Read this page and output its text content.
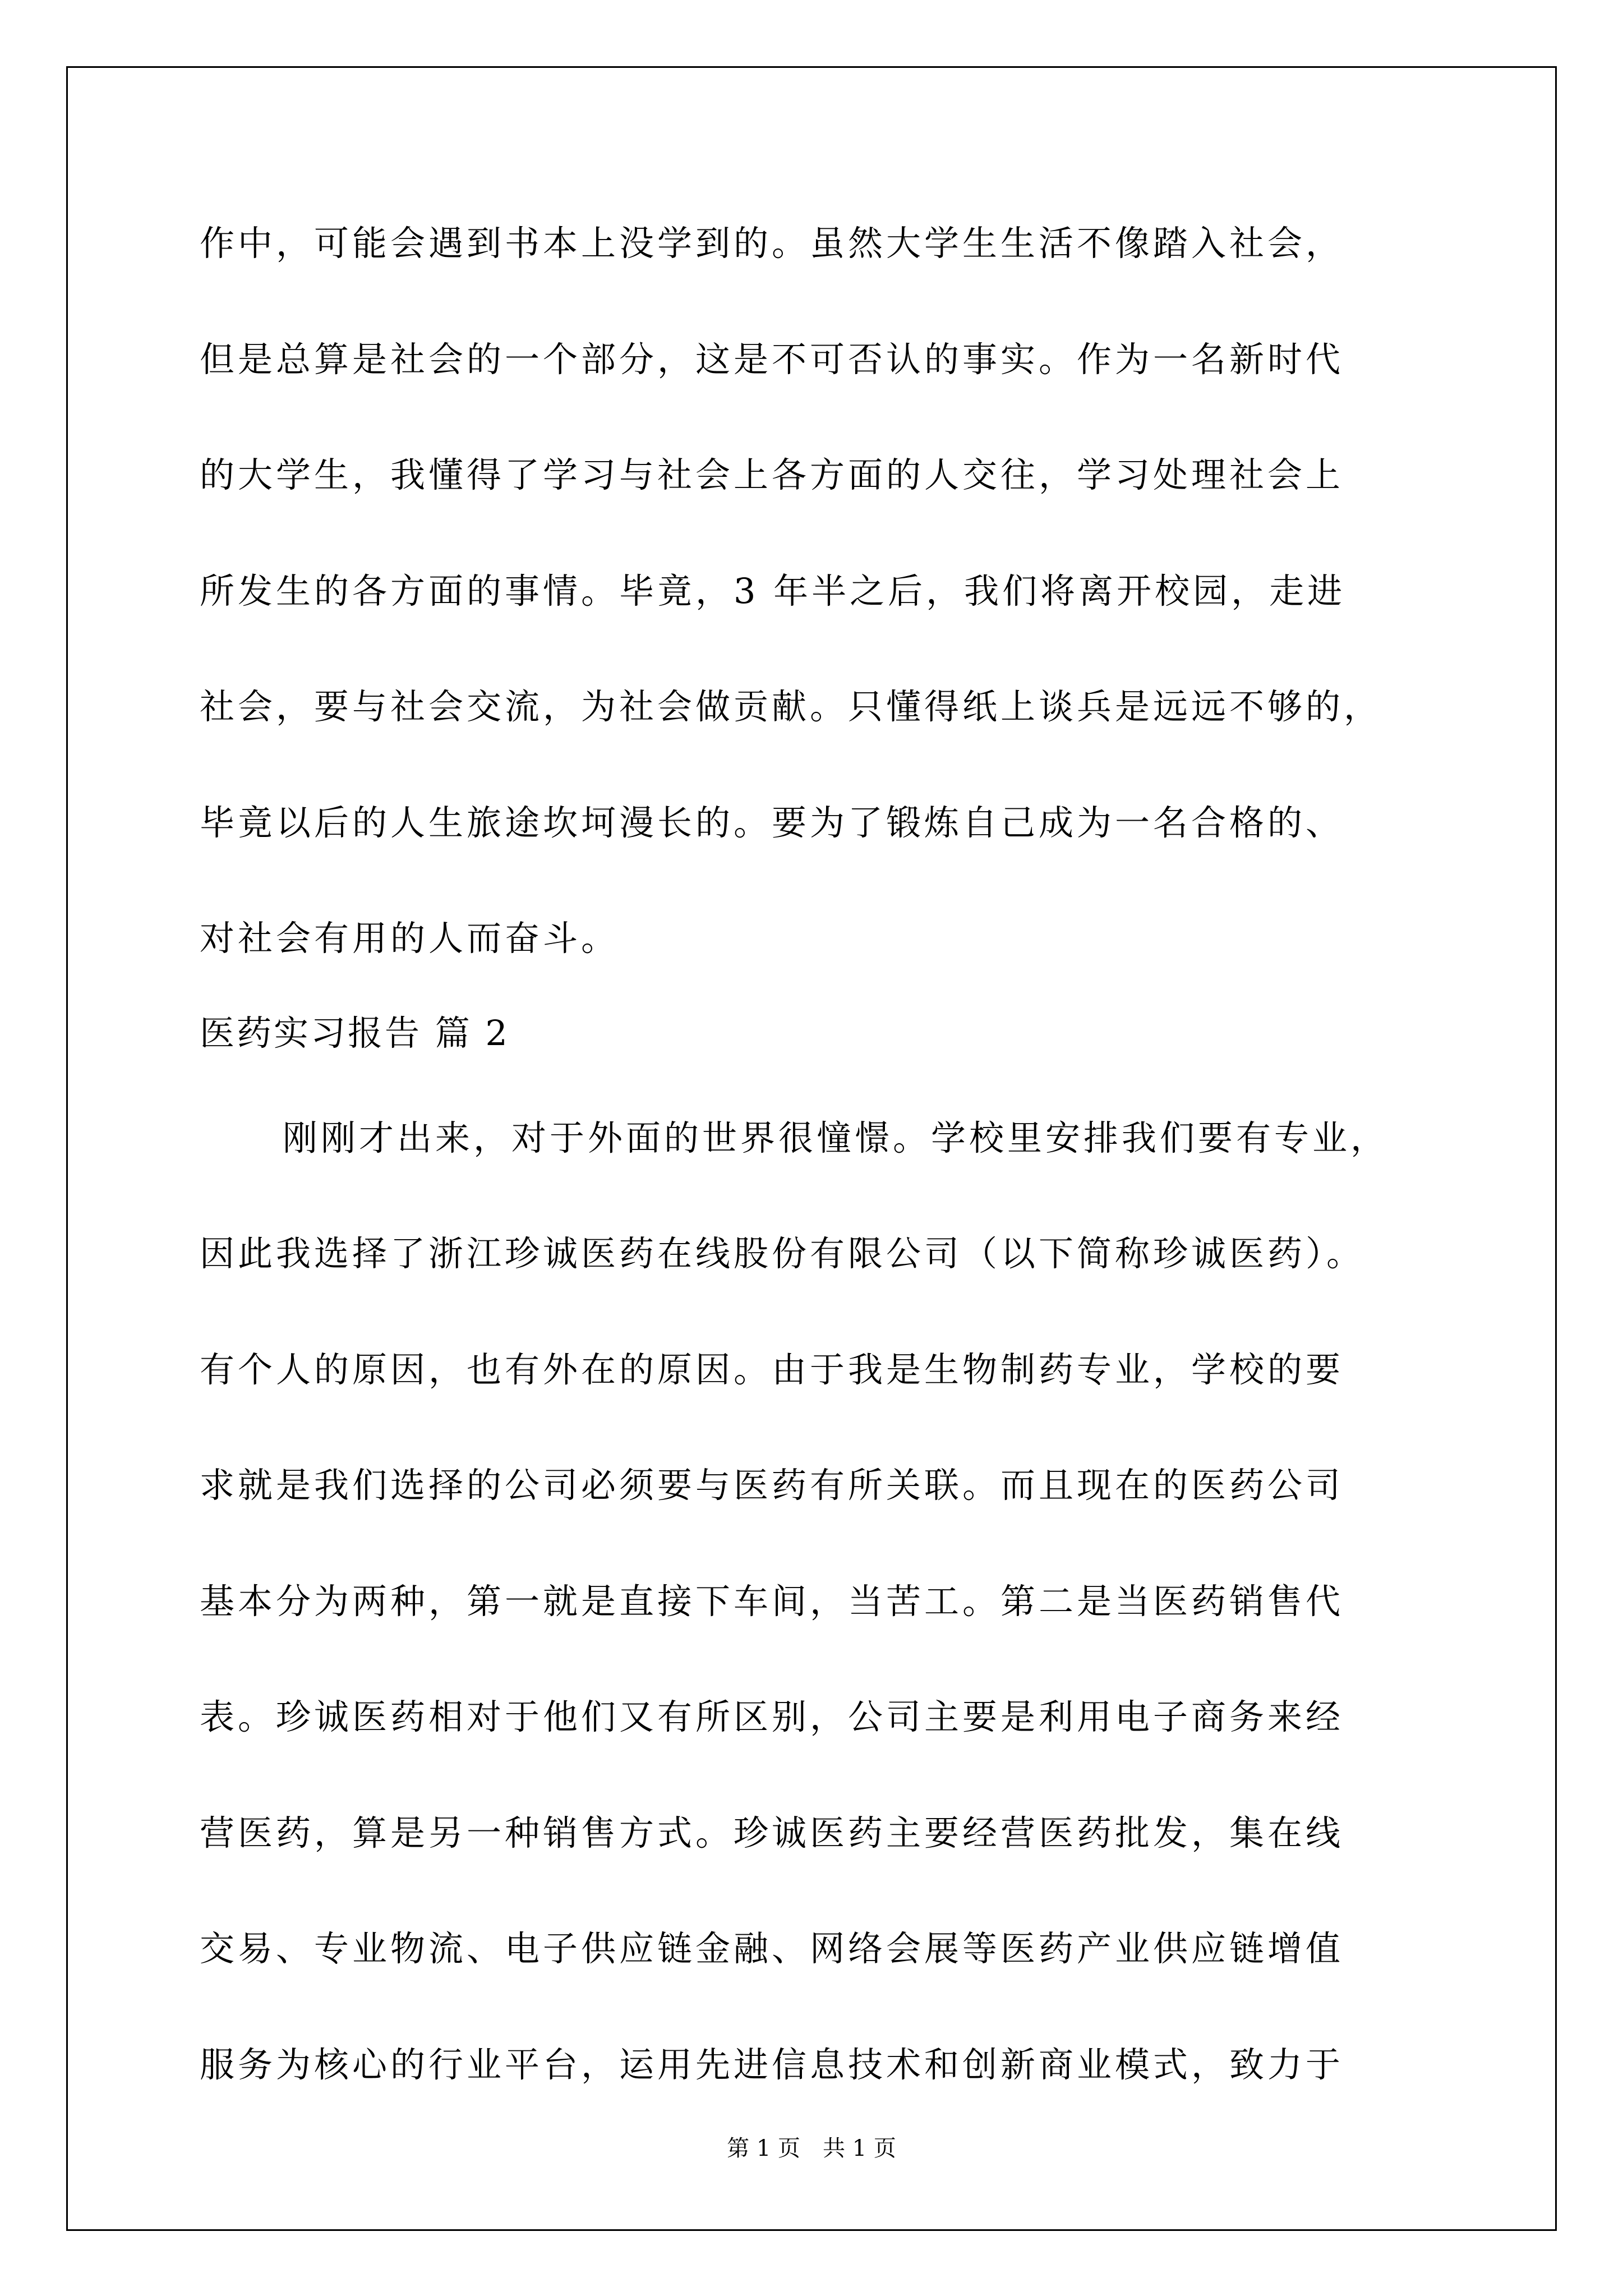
作中，可能会遇到书本上没学到的。虽然大学生生活不像踏入社会，
但是总算是社会的一个部分，这是不可否认的事实。作为一名新时代
的大学生，我懂得了学习与社会上各方面的人交往，学习处理社会上
所发生的各方面的事情。毕竟，3 年半之后，我们将离开校园，走进
社会，要与社会交流，为社会做贡献。只懂得纸上谈兵是远远不够的，
毕竟以后的人生旅途坎坷漫长的。要为了锻炼自己成为一名合格的、
对社会有用的人而奋斗。
医药实习报告 篇 2
刚刚才出来，对于外面的世界很憧憬。学校里安排我们要有专业，
因此我选择了浙江珍诚医药在线股份有限公司（以下简称珍诚医药）。
有个人的原因，也有外在的原因。由于我是生物制药专业，学校的要
求就是我们选择的公司必须要与医药有所关联。而且现在的医药公司
基本分为两种，第一就是直接下车间，当苦工。第二是当医药销售代
表。珍诚医药相对于他们又有所区别，公司主要是利用电子商务来经
营医药，算是另一种销售方式。珍诚医药主要经营医药批发，集在线
交易、专业物流、电子供应链金融、网络会展等医药产业供应链增值
服务为核心的行业平台，运用先进信息技术和创新商业模式，致力于
第 1 页　共 1 页
